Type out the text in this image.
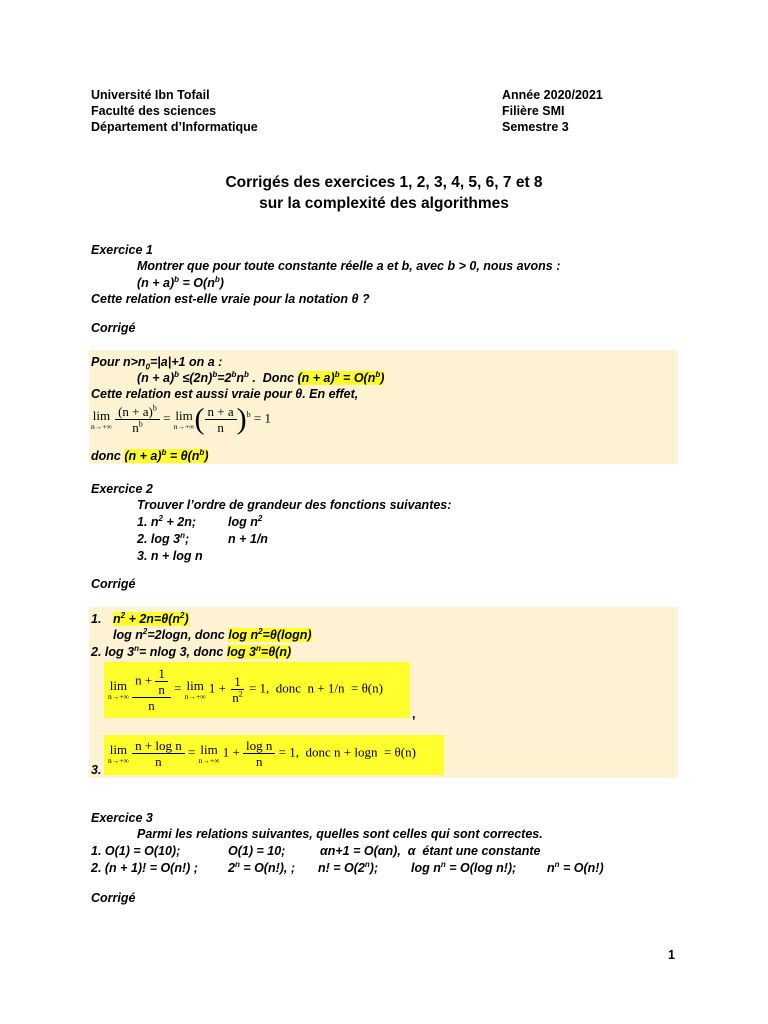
Université Ibn Tofail
Faculté des sciences
Département d’Informatique
Année 2020/2021
Filière SMI
Semestre 3
Corrigés des exercices 1, 2, 3, 4, 5, 6, 7 et 8
sur la complexité des algorithmes
Exercice 1
Montrer que pour toute constante réelle a et b, avec b > 0, nous avons :
$(n + a)^b = O(n^b)$
Cette relation est-elle vraie pour la notation θ ?
Corrigé
Pour $n>n_0=|a|+1$ on a :
$(n + a)^b \le(2n)^b=2^bn^b$ .  Donc $(n + a)^b = O(n^b)$
Cette relation est aussi vraie pour θ. En effet,
lim
n→+∞
$\frac{(n + a)^b}{n^b} = \lim$
n→+∞ ( $\frac{n + a}{n} )^b = 1$
donc $(n + a)^b = \theta(n^b)$
Exercice 2
Trouver l’ordre de grandeur des fonctions suivantes:
1. $n^2 + 2n$;	$\log n^2$
2. log 3$^n$;	n + 1/n
3. n + log n
Corrigé
1. $n^2 + 2n=\theta(n^2)$
$\log n^2=2\log n$, donc $\log n^2=\theta(\log n)$
2. $\log 3^n= nlog$ 3, donc $\log 3^n=\theta(n)$
lim
n→+∞
$\frac{n + \frac{1}{n}}{n} = \lim$
n→+∞
$1 + \frac{1}{n^2} = 1$,  donc  n + 1/n  = θ(n)
,
lim
n→+∞
$\frac{\text{n + log n}}{n} = \lim$
n→+∞
$1 + \frac{\text{log n}}{n} = 1$,  donc n + logn  = θ(n)
3.
Exercice 3
Parmi les relations suivantes, quelles sont celles qui sont correctes.
1. O(1) = O(10);	O(1) = 10;	αn+1 = O(αn),  α  étant une constante
2. (n + 1)! = O(n!) ; $2^n = O(n!)$, ; n! = $O(2^n)$;	$\log n^n = O(\log$ n!); $n^n = O(n!)$
Corrigé
1
